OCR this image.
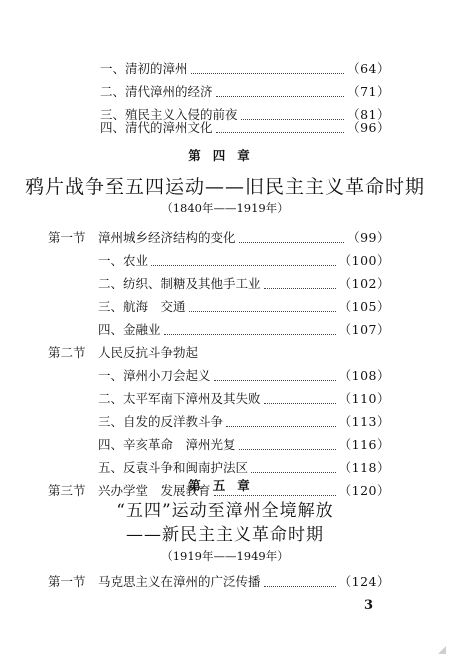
一、清初的漳州	（64）
二、清代漳州的经济	（71）
三、殖民主义入侵的前夜	（81）
四、清代的漳州文化	（96）
第四章
鸦片战争至五四运动——旧民主主义革命时期
（1840年——1919年）
第一节 漳州城乡经济结构的变化	（99）
一、农业	（100）
二、纺织、制糖及其他手工业	（102）
三、航海　交通	（105）
四、金融业	（107）
第二节 人民反抗斗争勃起
一、漳州小刀会起义	（108）
二、太平军南下漳州及其失败	（110）
三、自发的反洋教斗争	（113）
四、辛亥革命　漳州光复	（116）
五、反袁斗争和闽南护法区	（118）
第三节 兴办学堂　发展教育	（120）
第五章
“五四”运动至漳州全境解放
3
——新民主主义革命时期
（1919年——1949年）
第一节 马克思主义在漳州的广泛传播	（124）
